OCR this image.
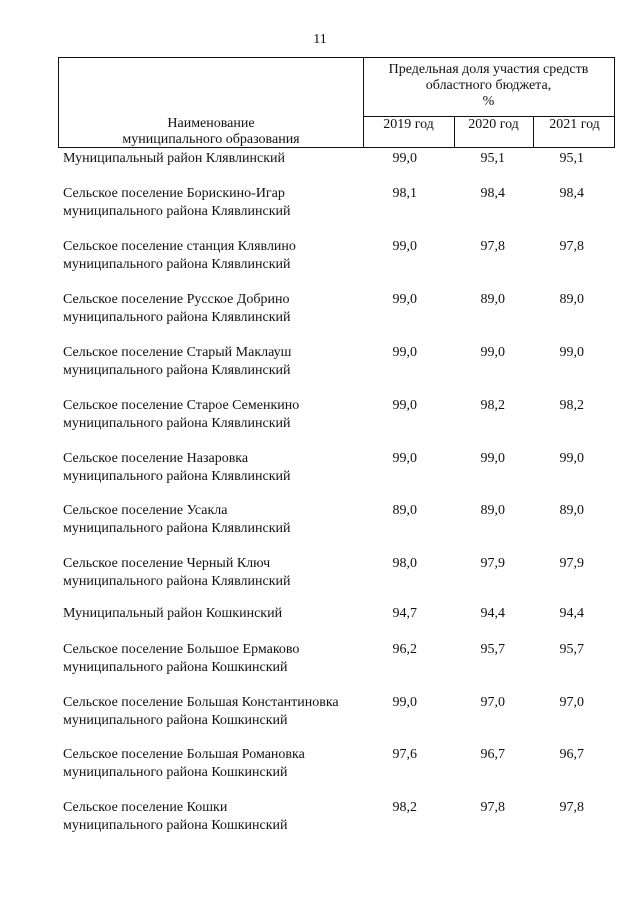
11
Наименование
муниципального образования
Предельная доля участия средств
областного бюджета,
%
2019 год	2020 год	2021 год
Муниципальный район Клявлинский	99,0	95,1	95,1
Сельское поселение Борискино-Игар
муниципального района Клявлинский
98,1	98,4	98,4
Сельское поселение станция Клявлино
муниципального района Клявлинский
99,0	97,8	97,8
Сельское поселение Русское Добрино
муниципального района Клявлинский
99,0	89,0	89,0
Сельское поселение Старый Маклауш
муниципального района Клявлинский
99,0	99,0	99,0
Сельское поселение Старое Семенкино
муниципального района Клявлинский
99,0	98,2	98,2
Сельское поселение Назаровка
муниципального района Клявлинский
99,0	99,0	99,0
Сельское поселение Усакла
муниципального района Клявлинский
89,0	89,0	89,0
Сельское поселение Черный Ключ
муниципального района Клявлинский
98,0	97,9	97,9
Муниципальный район Кошкинский	94,7	94,4	94,4
Сельское поселение Большое Ермаково
муниципального района Кошкинский
96,2	95,7	95,7
Сельское поселение Большая Константиновка
муниципального района Кошкинский
99,0	97,0	97,0
Сельское поселение Большая Романовка
муниципального района Кошкинский
97,6	96,7	96,7
Сельское поселение Кошки
муниципального района Кошкинский
98,2	97,8	97,8
